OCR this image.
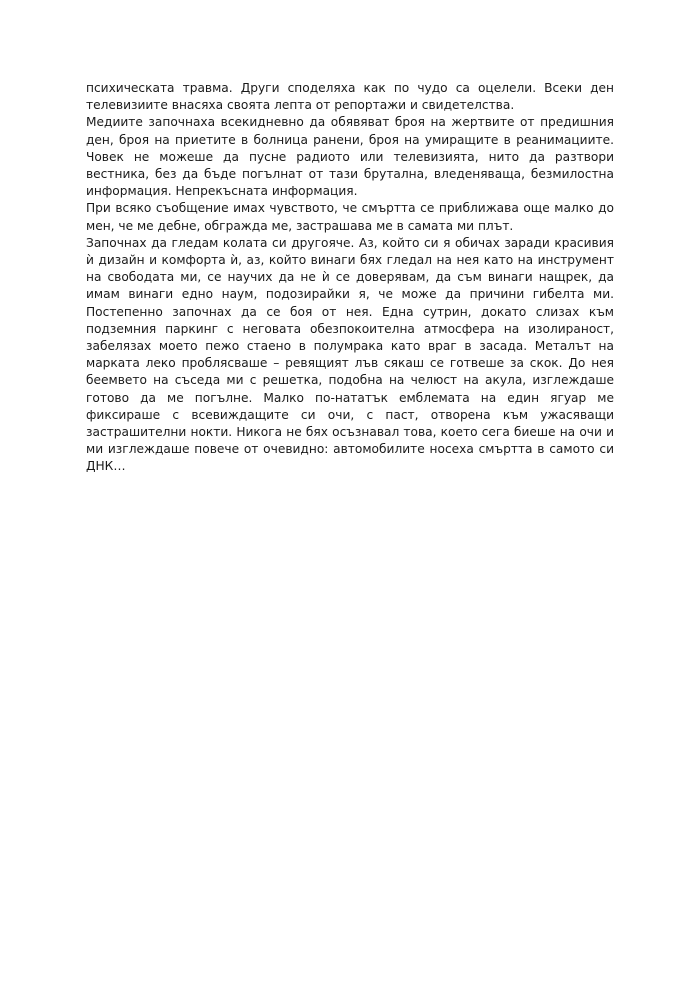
психическата травма. Други споделяха как по чудо са оцелели. Всеки ден телевизиите внасяха своята лепта от репортажи и свидетелства.

Медиите започнаха всекидневно да обявяват броя на жертвите от предишния ден, броя на приетите в болница ранени, броя на умиращите в реанимациите. Човек не можеше да пусне радиото или телевизията, нито да разтвори вестника, без да бъде погълнат от тази брутална, вледеняваща, безмилостна информация. Непрекъсната информация.

При всяко съобщение имах чувството, че смъртта се приближава още малко до мен, че ме дебне, обгражда ме, застрашава ме в самата ми плът.

Започнах да гледам колата си другояче. Аз, който си я обичах заради красивия ѝ дизайн и комфорта ѝ, аз, който винаги бях гледал на нея като на инструмент на свободата ми, се научих да не ѝ се доверявам, да съм винаги нащрек, да имам винаги едно наум, подозирайки я, че може да причини гибелта ми. Постепенно започнах да се боя от нея. Една сутрин, докато слизах към подземния паркинг с неговата обезпокоителна атмосфера на изолираност, забелязах моето пежо стаено в полумрака като враг в засада. Металът на марката леко проблясваше – ревящият лъв сякаш се готвеше за скок. До нея беемвето на съседа ми с решетка, подобна на челюст на акула, изглеждаше готово да ме погълне. Малко по-нататък емблемата на един ягуар ме фиксираше с всевиждащите си очи, с паст, отворена към ужасяващи застрашителни нокти. Никога не бях осъзнавал това, което сега биеше на очи и ми изглеждаше повече от очевидно: автомобилите носеха смъртта в самото си ДНК…
